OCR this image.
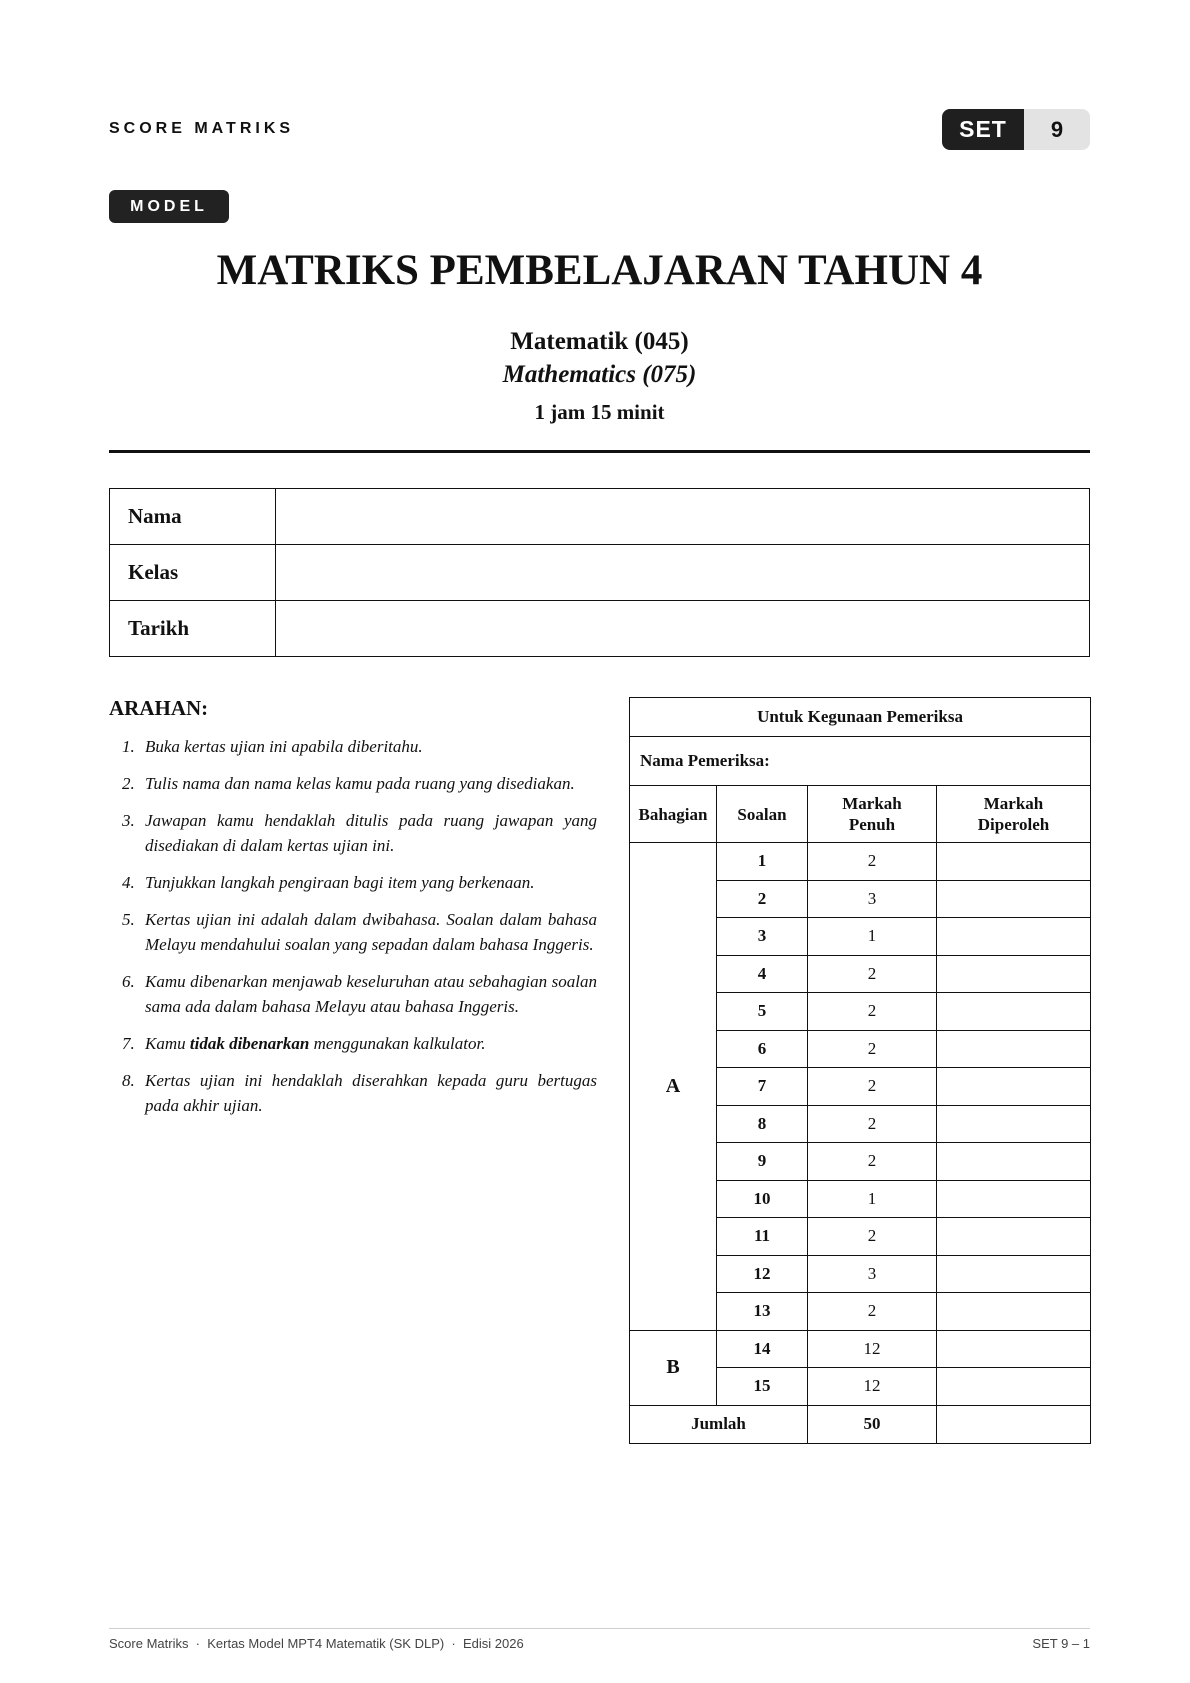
SCORE MATRIKS	SET	9
MODEL
MATRIKS PEMBELAJARAN TAHUN 4
Matematik (045)
Mathematics (075)
1 jam 15 minit
Nama	
Kelas	
Tarikh	
ARAHAN:
1. Buka kertas ujian ini apabila diberitahu.
2. Tulis nama dan nama kelas kamu pada ruang yang disediakan.
3. Jawapan kamu hendaklah ditulis pada ruang jawapan yang disediakan di dalam kertas ujian ini.
4. Tunjukkan langkah pengiraan bagi item yang berkenaan.
5. Kertas ujian ini adalah dalam dwibahasa. Soalan dalam bahasa Melayu mendahului soalan yang sepadan dalam bahasa Inggeris.
6. Kamu dibenarkan menjawab keseluruhan atau sebahagian soalan sama ada dalam bahasa Melayu atau bahasa Inggeris.
7. Kamu tidak dibenarkan menggunakan kalkulator.
8. Kertas ujian ini hendaklah diserahkan kepada guru bertugas pada akhir ujian.
Untuk Kegunaan Pemeriksa			
Nama Pemeriksa:			
Bahagian	Soalan	Markah Penuh	Markah Diperoleh
A	1	2	
	2	3	
	3	1	
	4	2	
	5	2	
	6	2	
	7	2	
	8	2	
	9	2	
	10	1	
	11	2	
	12	3	
	13	2	
B	14	12	
	15	12	
Jumlah		50	
Score Matriks  ·  Kertas Model MPT4 Matematik (SK DLP)  ·  Edisi 2026	SET 9 – 1
